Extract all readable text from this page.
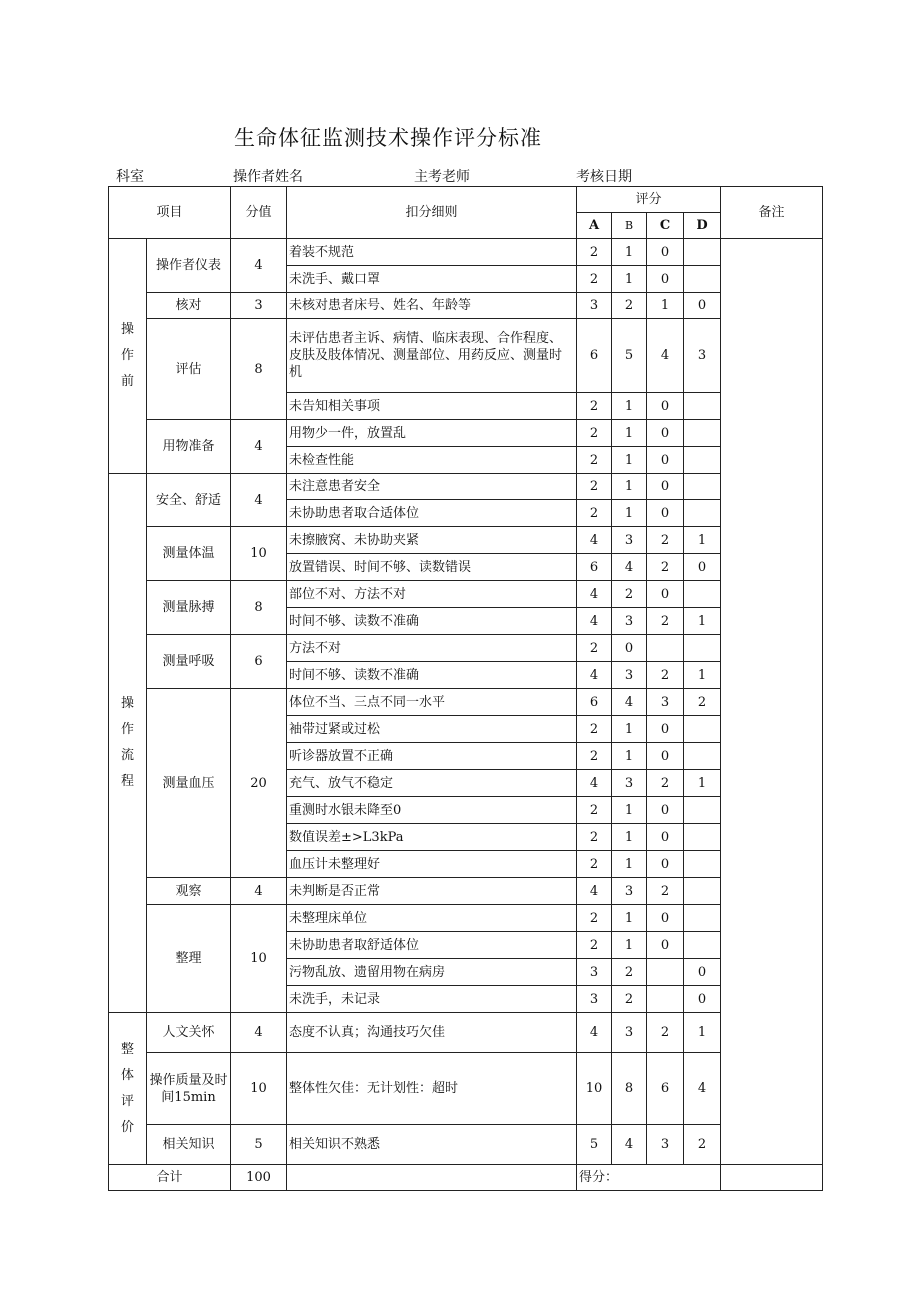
生命体征监测技术操作评分标准
科室	操作者姓名	主考老师	考核日期
项目		分值	扣分细则	评分				备注
				A	B	C	D	
操
作
前	操作者仪表	4	着装不规范	2	1	0		
			未洗手、戴口罩	2	1	0		
	核对	3	未核对患者床号、姓名、年龄等	3	2	1	0	
	评估	8	未评估患者主诉、病情、临床表现、合作程度、皮肤及肢体情况、测量部位、用药反应、测量时机	6	5	4	3	
			未告知相关事项	2	1	0		
	用物准备	4	用物少一件，放置乱	2	1	0		
			未检查性能	2	1	0		
操
作
流
程	安全、舒适	4	未注意患者安全	2	1	0		
			未协助患者取合适体位	2	1	0		
	测量体温	10	未擦腋窝、未协助夹紧	4	3	2	1	
			放置错误、时间不够、读数错误	6	4	2	0	
	测量脉搏	8	部位不对、方法不对	4	2	0		
			时间不够、读数不准确	4	3	2	1	
	测量呼吸	6	方法不对	2	0			
			时间不够、读数不准确	4	3	2	1	
	测量血压	20	体位不当、三点不同一水平	6	4	3	2	
			袖带过紧或过松	2	1	0		
			听诊器放置不正确	2	1	0		
			充气、放气不稳定	4	3	2	1	
			重测时水银未降至0	2	1	0		
			数值误差±>L3kPa	2	1	0		
			血压计未整理好	2	1	0		
	观察	4	未判断是否正常	4	3	2		
	整理	10	未整理床单位	2	1	0		
			未协助患者取舒适体位	2	1	0		
			污物乱放、遗留用物在病房	3	2		0	
			未洗手，未记录	3	2		0	
整
体
评
价	人文关怀	4	态度不认真；沟通技巧欠佳	4	3	2	1	
	操作质量及时间15min	10	整体性欠佳：无计划性：超时	10	8	6	4	
	相关知识	5	相关知识不熟悉	5	4	3	2	
合计		100		得分：				
